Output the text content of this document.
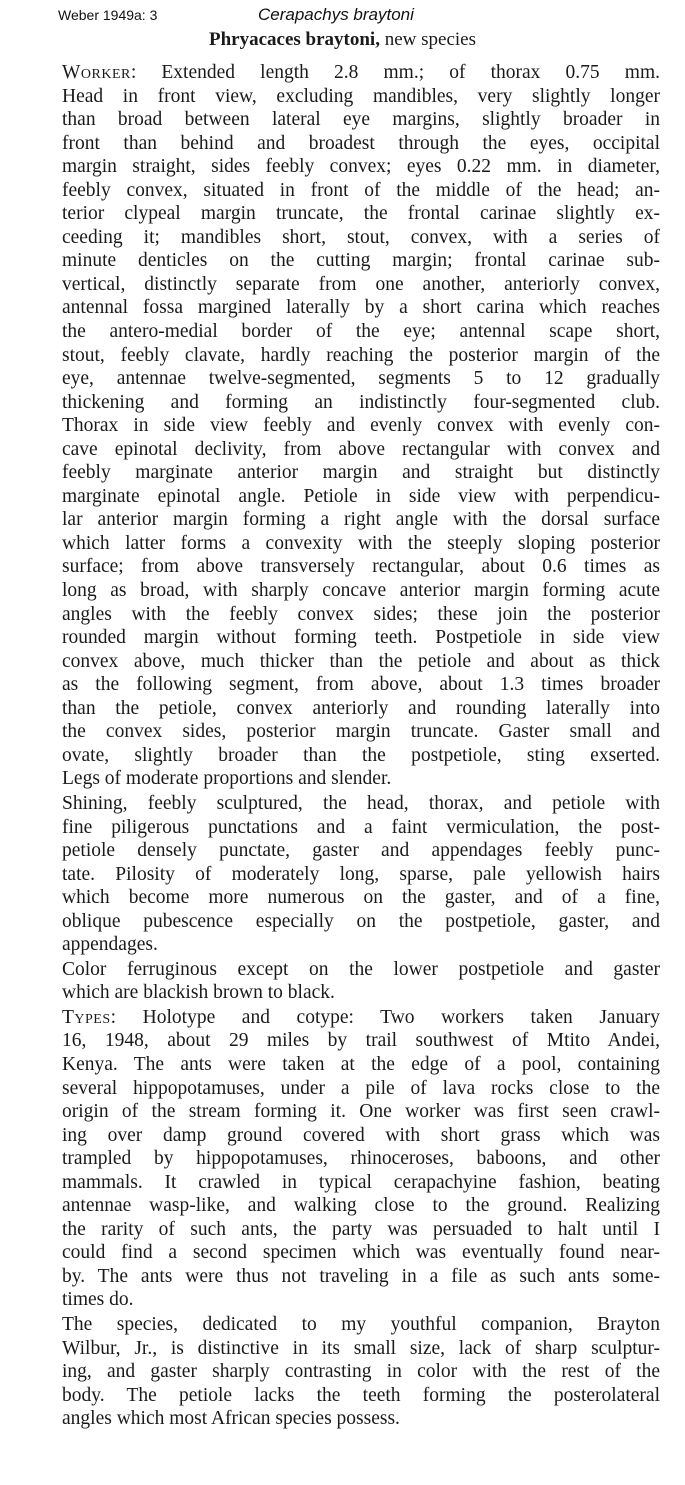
Weber 1949a: 3	Cerapachys braytoni
Phryacaces braytoni, new species
Worker: Extended length 2.8 mm.; of thorax 0.75 mm.
Head in front view, excluding mandibles, very slightly longer
than broad between lateral eye margins, slightly broader in
front than behind and broadest through the eyes, occipital
margin straight, sides feebly convex; eyes 0.22 mm. in diameter,
feebly convex, situated in front of the middle of the head; an-
terior clypeal margin truncate, the frontal carinae slightly ex-
ceeding it; mandibles short, stout, convex, with a series of
minute denticles on the cutting margin; frontal carinae sub-
vertical, distinctly separate from one another, anteriorly convex,
antennal fossa margined laterally by a short carina which reaches
the antero-medial border of the eye; antennal scape short,
stout, feebly clavate, hardly reaching the posterior margin of the
eye, antennae twelve-segmented, segments 5 to 12 gradually
thickening and forming an indistinctly four-segmented club.
Thorax in side view feebly and evenly convex with evenly con-
cave epinotal declivity, from above rectangular with convex and
feebly marginate anterior margin and straight but distinctly
marginate epinotal angle. Petiole in side view with perpendicu-
lar anterior margin forming a right angle with the dorsal surface
which latter forms a convexity with the steeply sloping posterior
surface; from above transversely rectangular, about 0.6 times as
long as broad, with sharply concave anterior margin forming acute
angles with the feebly convex sides; these join the posterior
rounded margin without forming teeth. Postpetiole in side view
convex above, much thicker than the petiole and about as thick
as the following segment, from above, about 1.3 times broader
than the petiole, convex anteriorly and rounding laterally into
the convex sides, posterior margin truncate. Gaster small and
ovate, slightly broader than the postpetiole, sting exserted.
Legs of moderate proportions and slender.
Shining, feebly sculptured, the head, thorax, and petiole with
fine piligerous punctations and a faint vermiculation, the post-
petiole densely punctate, gaster and appendages feebly punc-
tate. Pilosity of moderately long, sparse, pale yellowish hairs
which become more numerous on the gaster, and of a fine,
oblique pubescence especially on the postpetiole, gaster, and
appendages.
Color ferruginous except on the lower postpetiole and gaster
which are blackish brown to black.
Types: Holotype and cotype: Two workers taken January
16, 1948, about 29 miles by trail southwest of Mtito Andei,
Kenya. The ants were taken at the edge of a pool, containing
several hippopotamuses, under a pile of lava rocks close to the
origin of the stream forming it. One worker was first seen crawl-
ing over damp ground covered with short grass which was
trampled by hippopotamuses, rhinoceroses, baboons, and other
mammals. It crawled in typical cerapachyine fashion, beating
antennae wasp-like, and walking close to the ground. Realizing
the rarity of such ants, the party was persuaded to halt until I
could find a second specimen which was eventually found near-
by. The ants were thus not traveling in a file as such ants some-
times do.
The species, dedicated to my youthful companion, Brayton
Wilbur, Jr., is distinctive in its small size, lack of sharp sculptur-
ing, and gaster sharply contrasting in color with the rest of the
body. The petiole lacks the teeth forming the posterolateral
angles which most African species possess.
